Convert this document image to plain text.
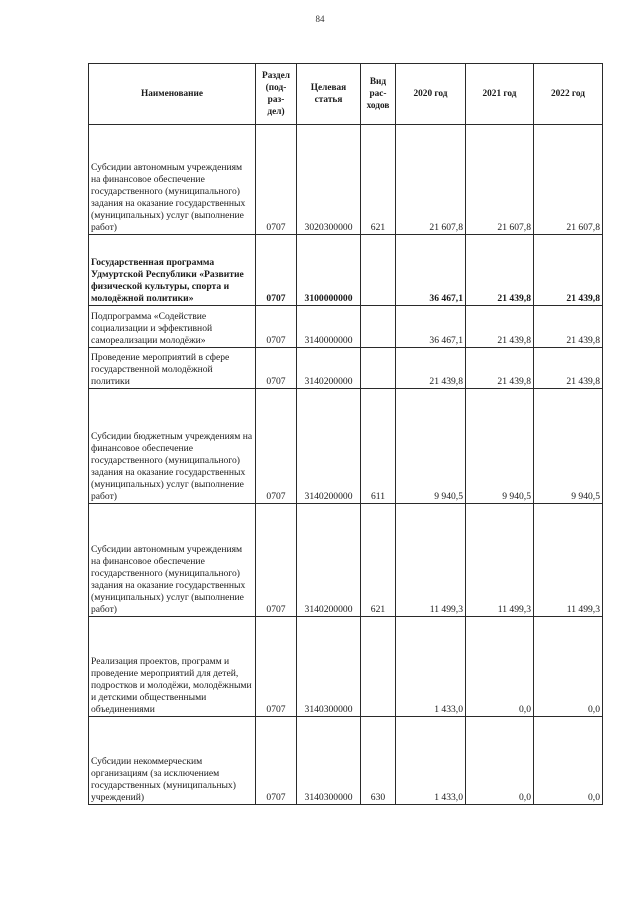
84
Наименование	Раздел (под- раз- дел)	Целевая статья	Вид рас- ходов	2020 год	2021 год	2022 год
Субсидии автономным учреждениям на финансовое обеспечение государственного (муниципального) задания на оказание государственных (муниципальных) услуг (выполнение работ)	0707	3020300000	621	21 607,8	21 607,8	21 607,8
Государственная программа Удмуртской Республики «Развитие физической культуры, спорта и молодёжной политики»	0707	3100000000		36 467,1	21 439,8	21 439,8
Подпрограмма «Содействие социализации и эффективной самореализации молодёжи»	0707	3140000000		36 467,1	21 439,8	21 439,8
Проведение мероприятий в сфере государственной молодёжной политики	0707	3140200000		21 439,8	21 439,8	21 439,8
Субсидии бюджетным учреждениям на финансовое обеспечение государственного (муниципального) задания на оказание государственных (муниципальных) услуг (выполнение работ)	0707	3140200000	611	9 940,5	9 940,5	9 940,5
Субсидии автономным учреждениям на финансовое обеспечение государственного (муниципального) задания на оказание государственных (муниципальных) услуг (выполнение работ)	0707	3140200000	621	11 499,3	11 499,3	11 499,3
Реализация проектов, программ и проведение мероприятий для детей, подростков и молодёжи, молодёжными и детскими общественными объединениями	0707	3140300000		1 433,0	0,0	0,0
Субсидии некоммерческим организациям (за исключением государственных (муниципальных) учреждений)	0707	3140300000	630	1 433,0	0,0	0,0
